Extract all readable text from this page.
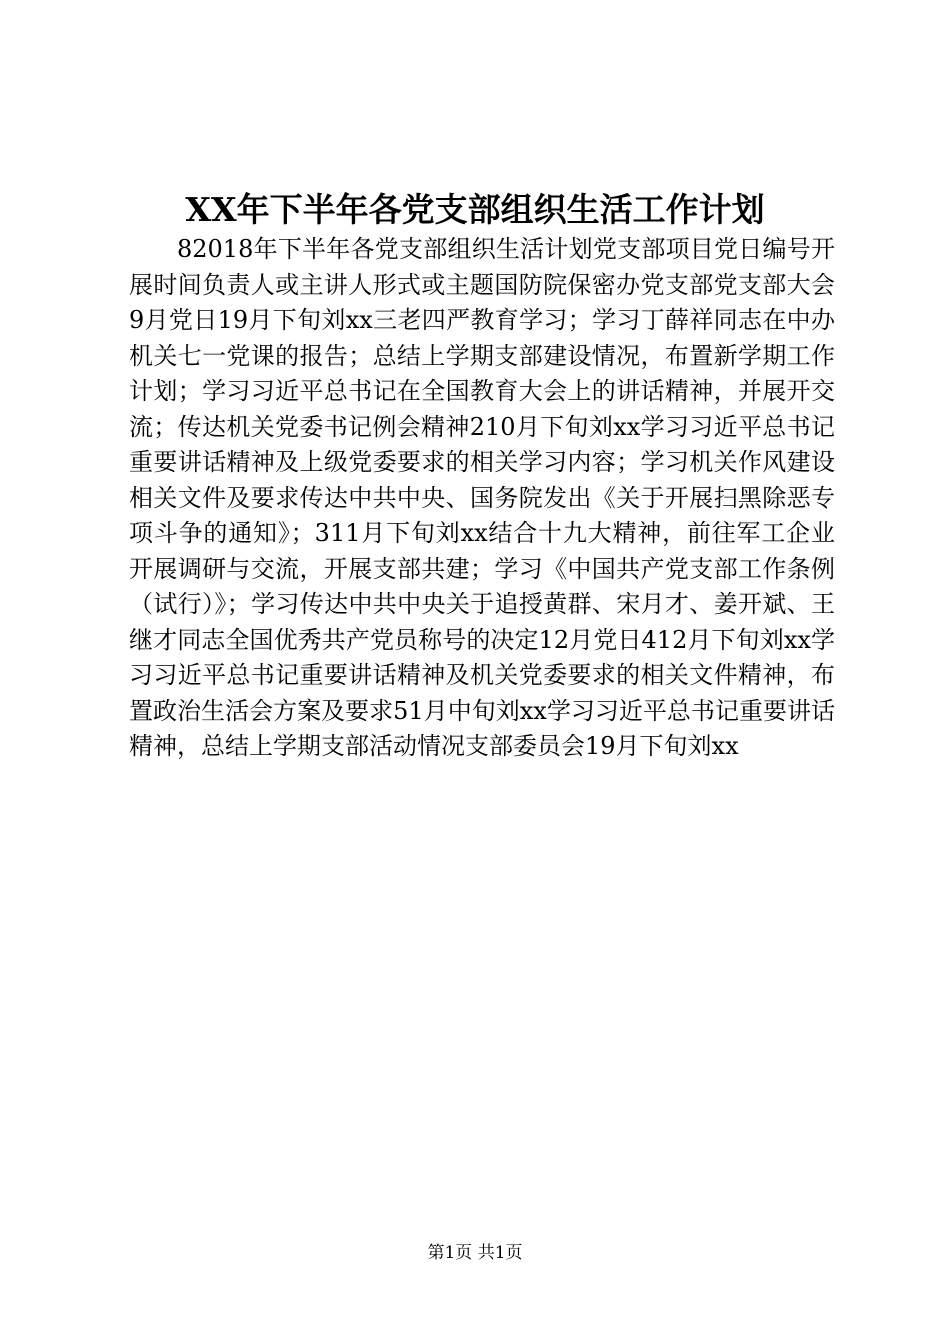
XX年下半年各党支部组织生活工作计划

82018年下半年各党支部组织生活计划党支部项目党日编号开展时间负责人或主讲人形式或主题国防院保密办党支部党支部大会9月党日19月下旬刘xx三老四严教育学习；学习丁薛祥同志在中办机关七一党课的报告；总结上学期支部建设情况，布置新学期工作计划；学习习近平总书记在全国教育大会上的讲话精神，并展开交流；传达机关党委书记例会精神210月下旬刘xx学习习近平总书记重要讲话精神及上级党委要求的相关学习内容；学习机关作风建设相关文件及要求传达中共中央、国务院发出《关于开展扫黑除恶专项斗争的通知》；311月下旬刘xx结合十九大精神，前往军工企业开展调研与交流，开展支部共建；学习《中国共产党支部工作条例（试行）》；学习传达中共中央关于追授黄群、宋月才、姜开斌、王继才同志全国优秀共产党员称号的决定12月党日412月下旬刘xx学习习近平总书记重要讲话精神及机关党委要求的相关文件精神，布置政治生活会方案及要求51月中旬刘xx学习习近平总书记重要讲话精神，总结上学期支部活动情况支部委员会19月下旬刘xx

第1页 共1页
